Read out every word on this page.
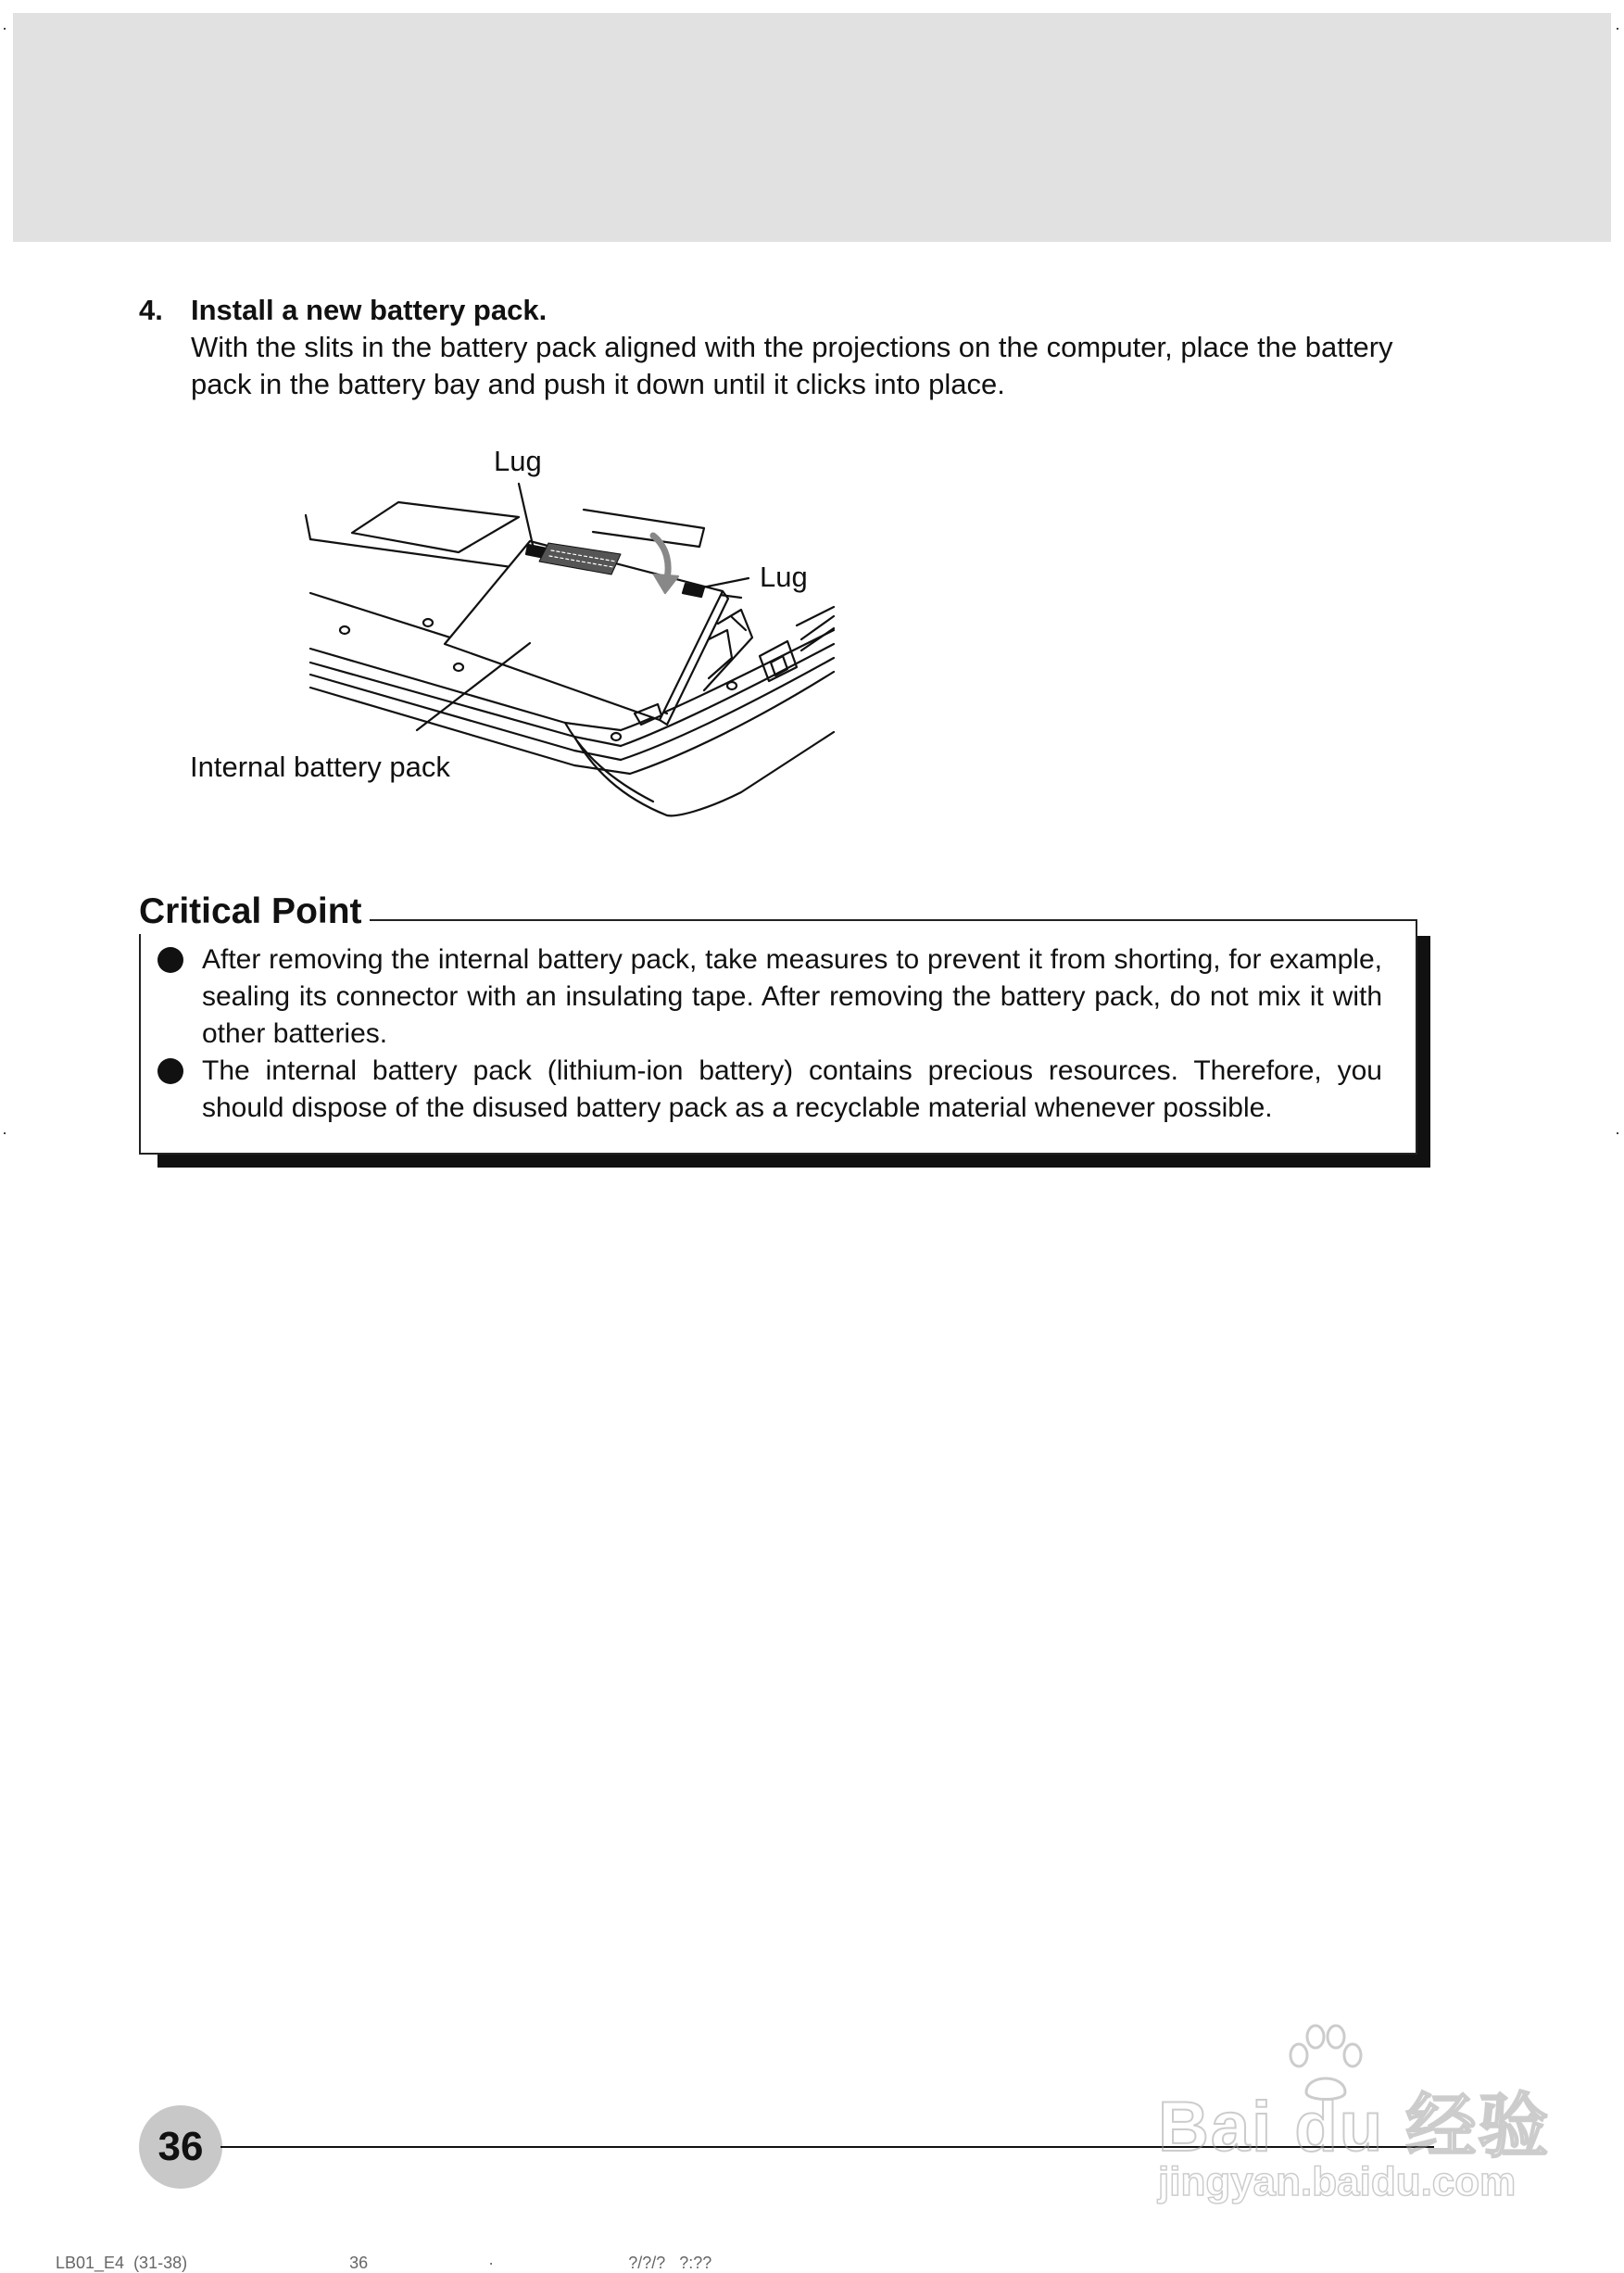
4. Install a new battery pack.
With the slits in the battery pack aligned with the projections on the computer, place the battery pack in the battery bay and push it down until it clicks into place.
Lug
Lug
Internal battery pack
Critical Point
After removing the internal battery pack, take measures to prevent it from shorting, for example, sealing its connector with an insulating tape. After removing the battery pack, do not mix it with other batteries.
The internal battery pack (lithium-ion battery) contains precious resources. Therefore, you should dispose of the disused battery pack as a recyclable material whenever possible.
36	Bai du 经验
jingyan.baidu.com
LB01_E4  (31-38)                                   36                          ·                             ?/?/?   ?:??
